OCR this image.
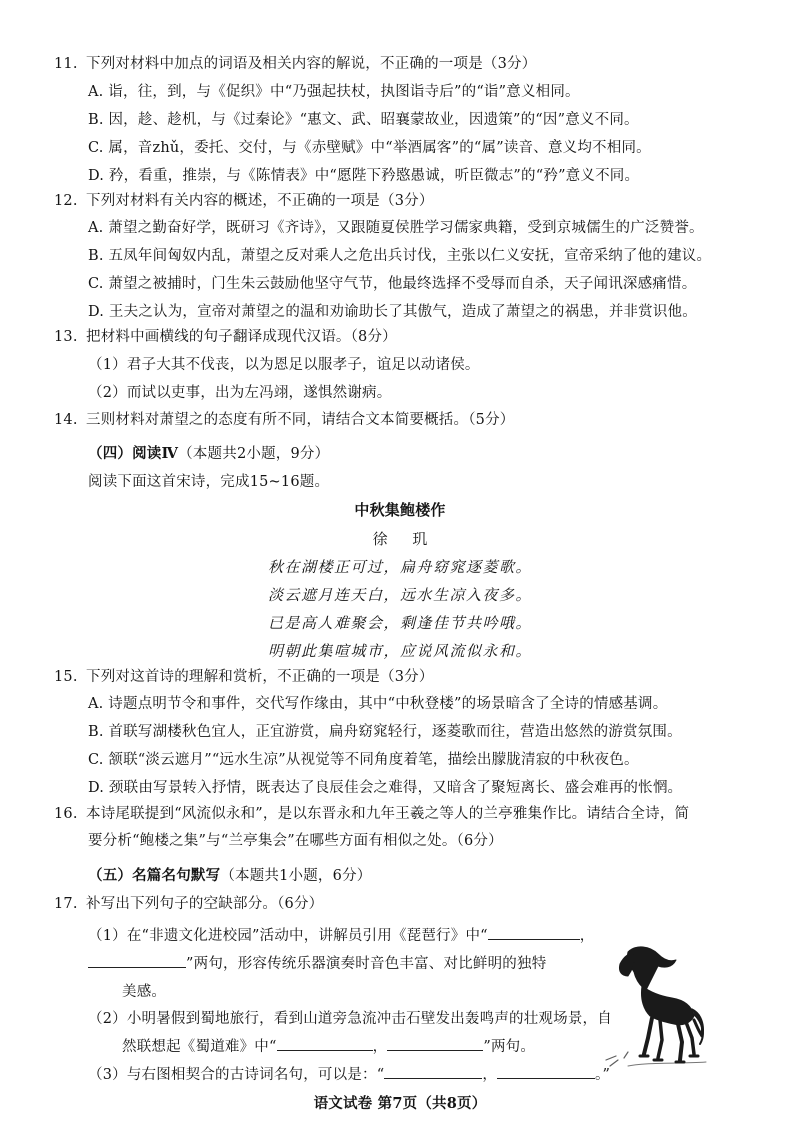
11. 下列对材料中加点的词语及相关内容的解说，不正确的一项是（3分）
A. 诣，往，到，与《促织》中“乃强起扶杖，执图诣寺后”的“诣”意义相同。
B. 因，趁、趁机，与《过秦论》“惠文、武、昭襄蒙故业，因遗策”的“因”意义不同。
C. 属，音zhǔ，委托、交付，与《赤壁赋》中“举酒属客”的“属”读音、意义均不相同。
D. 矜，看重，推崇，与《陈情表》中“愿陛下矜愍愚诚，听臣微志”的“矜”意义不同。
12. 下列对材料有关内容的概述，不正确的一项是（3分）
A. 萧望之勤奋好学，既研习《齐诗》，又跟随夏侯胜学习儒家典籍，受到京城儒生的广泛赞誉。
B. 五凤年间匈奴内乱，萧望之反对乘人之危出兵讨伐，主张以仁义安抚，宣帝采纳了他的建议。
C. 萧望之被捕时，门生朱云鼓励他坚守气节，他最终选择不受辱而自杀，天子闻讯深感痛惜。
D. 王夫之认为，宣帝对萧望之的温和劝谕助长了其傲气，造成了萧望之的祸患，并非赏识他。
13. 把材料中画横线的句子翻译成现代汉语。（8分）
（1）君子大其不伐丧，以为恩足以服孝子，谊足以动诸侯。
（2）而试以吏事，出为左冯翊，遂惧然谢病。
14. 三则材料对萧望之的态度有所不同，请结合文本简要概括。（5分）
（四）阅读Ⅳ（本题共2小题，9分）
阅读下面这首宋诗，完成15~16题。
中秋集鲍楼作
徐 玑
秋在湖楼正可过，扁舟窈窕逐菱歌。
淡云遮月连天白，远水生凉入夜多。
已是高人难聚会，剩逢佳节共吟哦。
明朝此集喧城市，应说风流似永和。
15. 下列对这首诗的理解和赏析，不正确的一项是（3分）
A. 诗题点明节令和事件，交代写作缘由，其中“中秋登楼”的场景暗含了全诗的情感基调。
B. 首联写湖楼秋色宜人，正宜游赏，扁舟窈窕轻行，逐菱歌而往，营造出悠然的游赏氛围。
C. 颔联“淡云遮月”“远水生凉”从视觉等不同角度着笔，描绘出朦胧清寂的中秋夜色。
D. 颈联由写景转入抒情，既表达了良辰佳会之难得，又暗含了聚短离长、盛会难再的怅惘。
16. 本诗尾联提到“风流似永和”，是以东晋永和九年王羲之等人的兰亭雅集作比。请结合全诗，简
要分析“鲍楼之集”与“兰亭集会”在哪些方面有相似之处。（6分）
（五）名篇名句默写（本题共1小题，6分）
17. 补写出下列句子的空缺部分。（6分）
（1）在“非遗文化进校园”活动中，讲解员引用《琵琶行》中“	，
”两句，形容传统乐器演奏时音色丰富、对比鲜明的独特
美感。
（2）小明暑假到蜀地旅行，看到山道旁急流冲击石壁发出轰鸣声的壮观场景，自
然联想起《蜀道难》中“	，	”两句。
（3）与右图相契合的古诗词名句，可以是：“	，	。”
语文试卷 第7页（共8页）
